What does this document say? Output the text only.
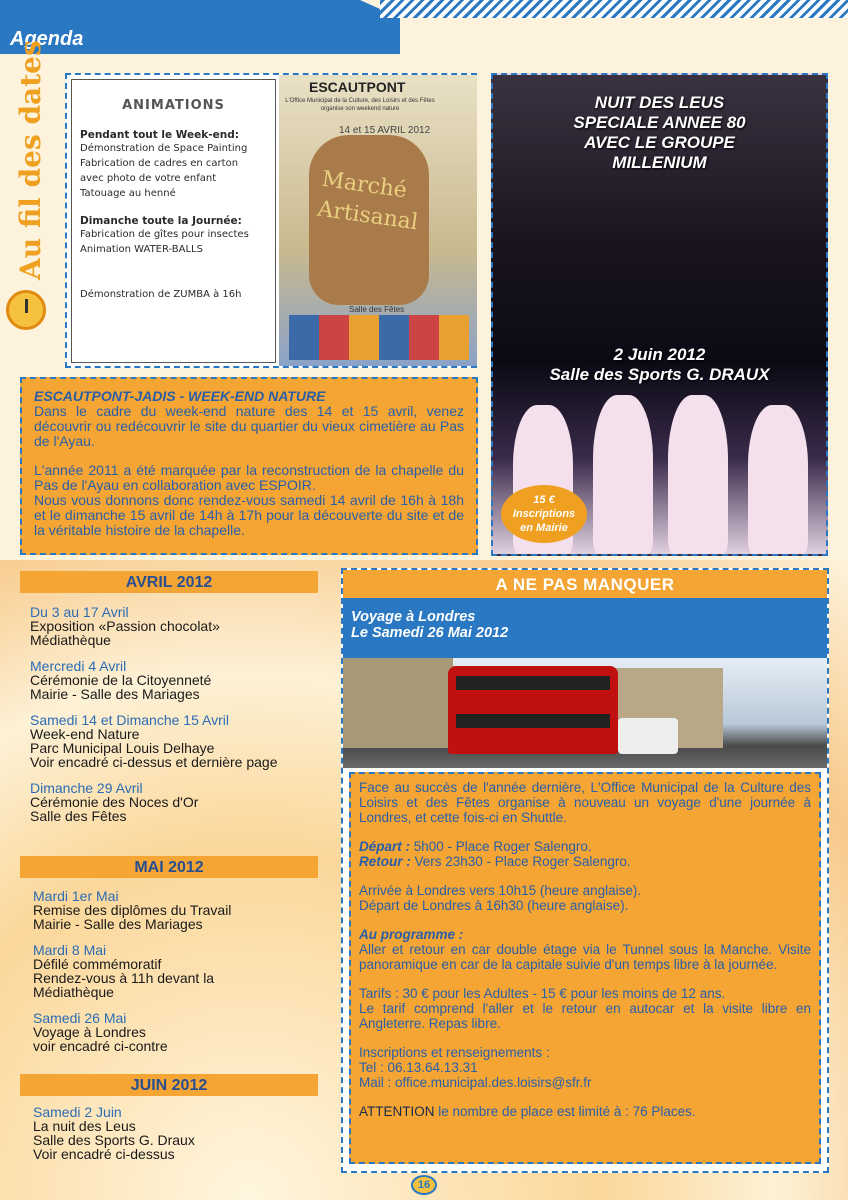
Agenda
Au fil des dates	ANIMATIONS
Pendant tout le Week-end:
Démonstration de Space Painting
Fabrication de cadres en carton
avec photo de votre enfant
Tatouage au henné
Dimanche toute la Journée:
Fabrication de gîtes pour insectes
Animation WATER-BALLS
Démonstration de ZUMBA à 16h
ESCAUTPONT
L'Office Municipal de la Culture, des Loisirs et des Fêtes organise son weekend nature
14 et 15 AVRIL 2012
Marché
Artisanal
Salle des Fêtes
NUIT DES LEUS
SPECIALE ANNEE 80
AVEC LE GROUPE
MILLENIUM
2 Juin 2012
Salle des Sports G. DRAUX
15 €
Inscriptions
en Mairie
ESCAUTPONT-JADIS - WEEK-END NATURE

Dans le cadre du week-end nature des 14 et 15 avril, venez découvrir ou redécouvrir le site du quartier du vieux cimetière au Pas de l'Ayau.

L'année 2011 a été marquée par la reconstruction de la chapelle du Pas de l'Ayau en collaboration avec ESPOIR.

Nous vous donnons donc rendez-vous samedi 14 avril de 16h à 18h et le dimanche 15 avril de 14h à 17h pour la découverte du site et de la véritable histoire de la chapelle.

AVRIL 2012
Du 3 au 17 Avril
Exposition «Passion chocolat»
Médiathèque
Mercredi 4 Avril
Cérémonie de la Citoyenneté
Mairie - Salle des Mariages
Samedi 14 et Dimanche 15 Avril
Week-end Nature
Parc Municipal Louis Delhaye
Voir encadré ci-dessus et dernière page
Dimanche 29 Avril
Cérémonie des Noces d'Or
Salle des Fêtes
MAI 2012
Mardi 1er Mai
Remise des diplômes du Travail
Mairie - Salle des Mariages
Mardi 8 Mai
Défilé commémoratif
Rendez-vous à 11h devant la
Médiathèque
Samedi 26 Mai
Voyage à Londres
voir encadré ci-contre
JUIN 2012
Samedi 2 Juin
La nuit des Leus
Salle des Sports G. Draux
Voir encadré ci-dessus
A NE PAS MANQUER
Voyage à Londres
Le Samedi 26 Mai 2012

Face au succès de l'année dernière, L'Office Municipal de la Culture des Loisirs et des Fêtes organise à nouveau un voyage d'une journée à Londres, et cette fois-ci en Shuttle.

Départ : 5h00 - Place Roger Salengro.
Retour : Vers 23h30 - Place Roger Salengro.

Arrivée à Londres vers 10h15 (heure anglaise).
Départ de Londres à 16h30 (heure anglaise).

Au programme :
Aller et retour en car double étage via le Tunnel sous la Manche. Visite panoramique en car de la capitale suivie d'un temps libre à la journée.

Tarifs : 30 € pour les Adultes - 15 € pour les moins de 12 ans.
Le tarif comprend l'aller et le retour en autocar et la visite libre en Angleterre. Repas libre.

Inscriptions et renseignements :
Tel : 06.13.64.13.31
Mail : office.municipal.des.loisirs@sfr.fr

ATTENTION le nombre de place est limité à : 76 Places.

16
